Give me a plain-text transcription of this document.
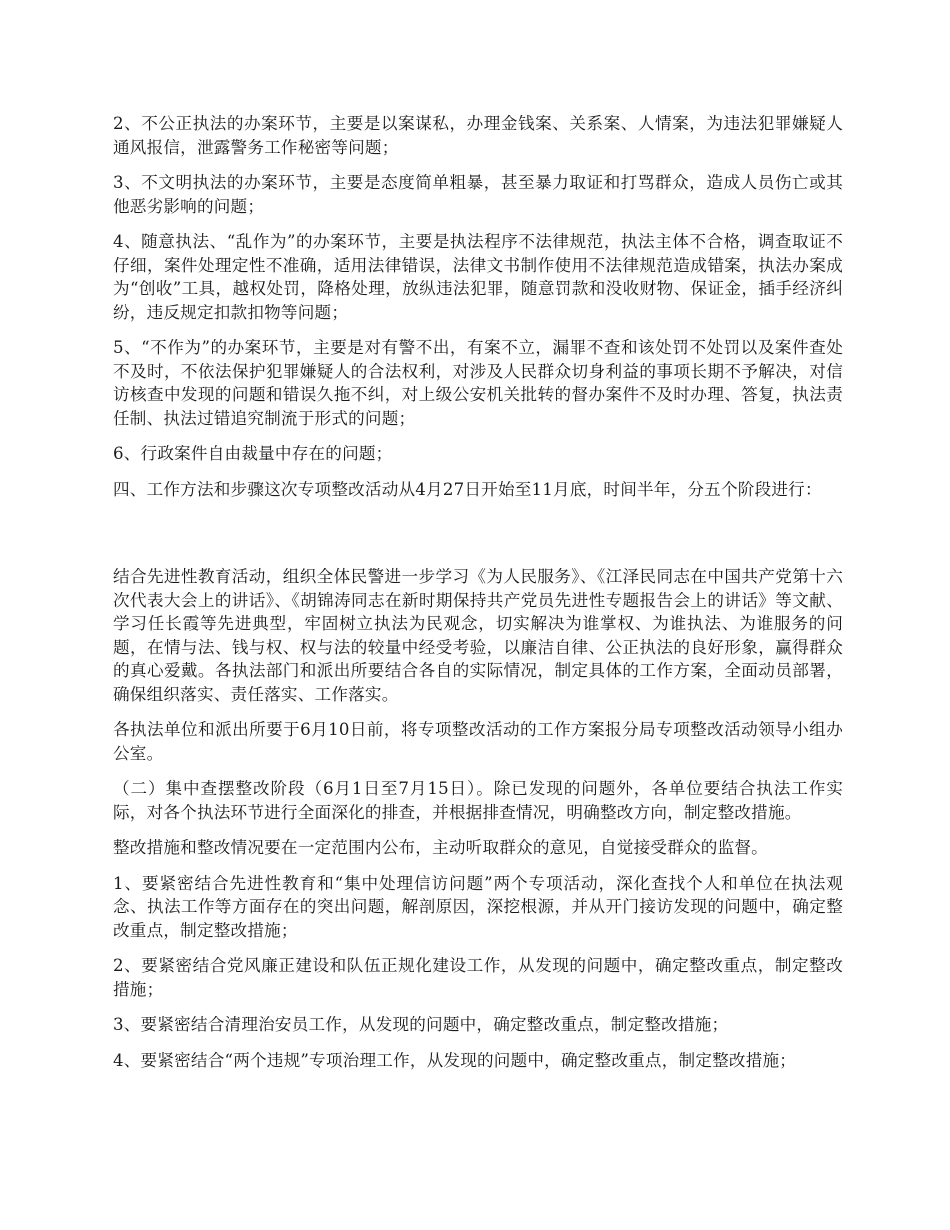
2、不公正执法的办案环节，主要是以案谋私，办理金钱案、关系案、人情案，为违法犯罪嫌疑人通风报信，泄露警务工作秘密等问题；

3、不文明执法的办案环节，主要是态度简单粗暴，甚至暴力取证和打骂群众，造成人员伤亡或其他恶劣影响的问题；

4、随意执法、“乱作为”的办案环节，主要是执法程序不法律规范，执法主体不合格，调查取证不仔细，案件处理定性不准确，适用法律错误，法律文书制作使用不法律规范造成错案，执法办案成为“创收”工具，越权处罚，降格处理，放纵违法犯罪，随意罚款和没收财物、保证金，插手经济纠纷，违反规定扣款扣物等问题；

5、“不作为”的办案环节，主要是对有警不出，有案不立，漏罪不查和该处罚不处罚以及案件查处不及时，不依法保护犯罪嫌疑人的合法权利，对涉及人民群众切身利益的事项长期不予解决，对信访核查中发现的问题和错误久拖不纠，对上级公安机关批转的督办案件不及时办理、答复，执法责任制、执法过错追究制流于形式的问题；

6、行政案件自由裁量中存在的问题；

四、工作方法和步骤这次专项整改活动从4月27日开始至11月底，时间半年，分五个阶段进行：

结合先进性教育活动，组织全体民警进一步学习《为人民服务》、《江泽民同志在中国共产党第十六次代表大会上的讲话》、《胡锦涛同志在新时期保持共产党员先进性专题报告会上的讲话》等文献、学习任长霞等先进典型，牢固树立执法为民观念，切实解决为谁掌权、为谁执法、为谁服务的问题，在情与法、钱与权、权与法的较量中经受考验，以廉洁自律、公正执法的良好形象，赢得群众的真心爱戴。各执法部门和派出所要结合各自的实际情况，制定具体的工作方案，全面动员部署，确保组织落实、责任落实、工作落实。

各执法单位和派出所要于6月10日前，将专项整改活动的工作方案报分局专项整改活动领导小组办公室。

（二）集中查摆整改阶段（6月1日至7月15日）。除已发现的问题外，各单位要结合执法工作实际，对各个执法环节进行全面深化的排查，并根据排查情况，明确整改方向，制定整改措施。

整改措施和整改情况要在一定范围内公布，主动听取群众的意见，自觉接受群众的监督。

1、要紧密结合先进性教育和“集中处理信访问题”两个专项活动，深化查找个人和单位在执法观念、执法工作等方面存在的突出问题，解剖原因，深挖根源，并从开门接访发现的问题中，确定整改重点，制定整改措施；

2、要紧密结合党风廉正建设和队伍正规化建设工作，从发现的问题中，确定整改重点，制定整改措施；

3、要紧密结合清理治安员工作，从发现的问题中，确定整改重点，制定整改措施；

4、要紧密结合“两个违规”专项治理工作，从发现的问题中，确定整改重点，制定整改措施；
